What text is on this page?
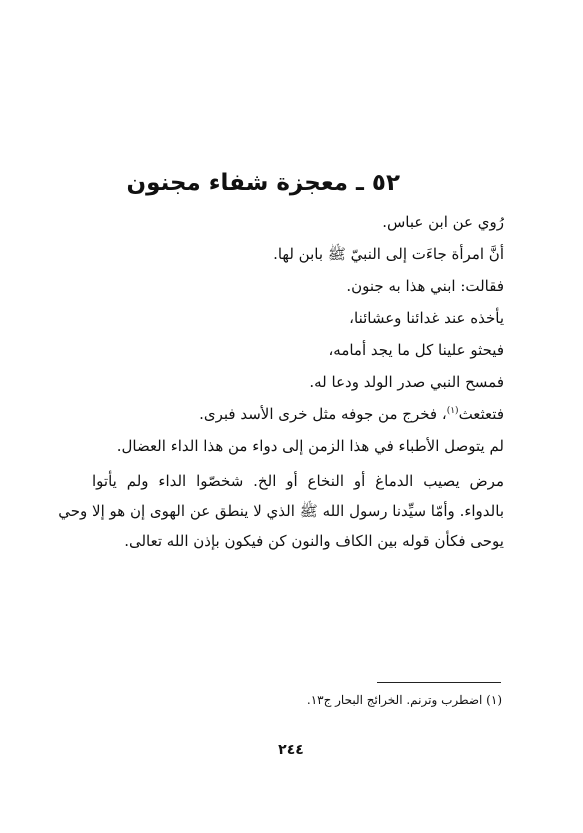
٥٢ ـ معجزة شفاء مجنون
رُوي عن ابن عباس.
أنَّ امرأة جاءَت إلى النبيّ ﷺ بابن لها.
فقالت: ابني هذا به جنون.
يأخذه عند غدائنا وعشائنا،
فيحثو علينا كل ما يجد أمامه،
فمسح النبي صدر الولد ودعا له.
فتعثعث$^{(١)}$، فخرج من جوفه مثل خرى الأسد فبرى.
لم يتوصل الأطباء في هذا الزمن إلى دواء من هذا الداء العضال.
مرض يصيب الدماغ أو النخاع أو الخ. شخصّوا الداء ولم يأتوا
بالدواء. وأمّا سيِّدنا رسول الله ﷺ الذي لا ينطق عن الهوى إن هو إلا وحي
يوحى فكأن قوله بين الكاف والنون كن فيكون بإذن الله تعالى.
(١) اضطرب وترنم. الخرائج البحار ج١٣.
٢٤٤
